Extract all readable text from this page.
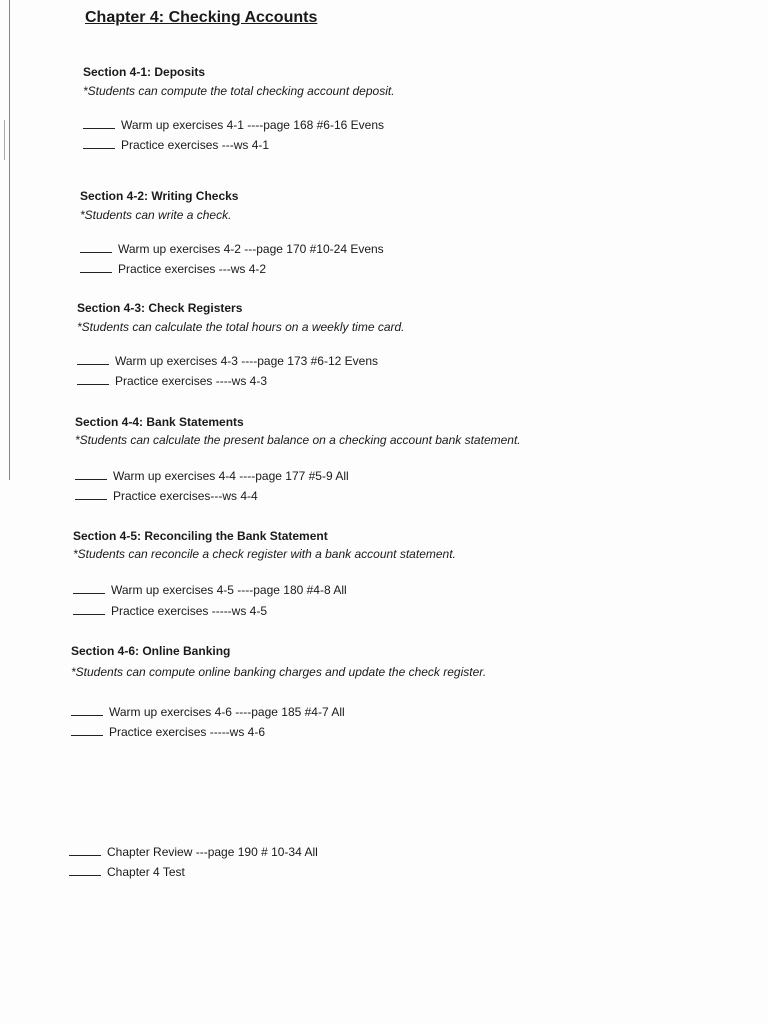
Chapter 4: Checking Accounts
Section 4-1: Deposits
*Students can compute the total checking account deposit.
Warm up exercises 4-1 ----page 168 #6-16 Evens
Practice exercises ---ws 4-1
Section 4-2: Writing Checks
*Students can write a check.
Warm up exercises 4-2 ---page 170 #10-24 Evens
Practice exercises ---ws 4-2
Section 4-3: Check Registers
*Students can calculate the total hours on a weekly time card.
Warm up exercises 4-3 ----page 173 #6-12 Evens
Practice exercises ----ws 4-3
Section 4-4: Bank Statements
*Students can calculate the present balance on a checking account bank statement.
Warm up exercises 4-4 ----page 177 #5-9 All
Practice exercises---ws 4-4
Section 4-5: Reconciling the Bank Statement
*Students can reconcile a check register with a bank account statement.
Warm up exercises 4-5 ----page 180 #4-8 All
Practice exercises -----ws 4-5
Section 4-6: Online Banking
*Students can compute online banking charges and update the check register.
Warm up exercises 4-6 ----page 185 #4-7 All
Practice exercises -----ws 4-6
Chapter Review ---page 190 # 10-34 All
Chapter 4 Test
